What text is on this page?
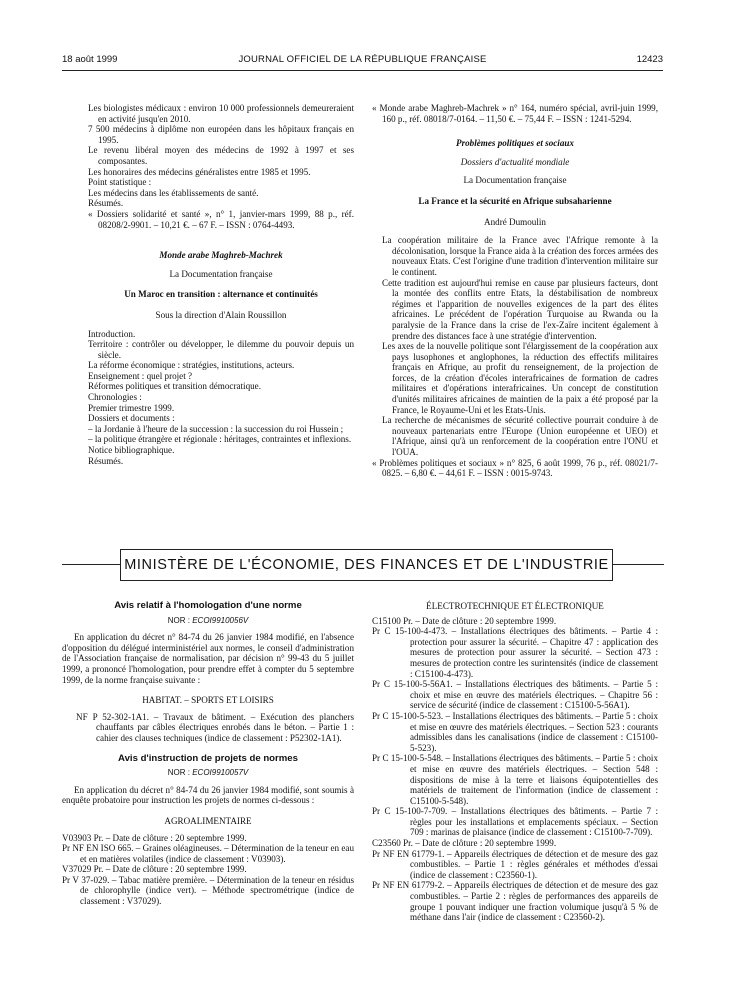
18 août 1999	JOURNAL OFFICIEL DE LA RÉPUBLIQUE FRANÇAISE	12423

Les biologistes médicaux : environ 10 000 professionnels demeureraient en activité jusqu'en 2010.

7 500 médecins à diplôme non européen dans les hôpitaux français en 1995.

Le revenu libéral moyen des médecins de 1992 à 1997 et ses composantes.

Les honoraires des médecins généralistes entre 1985 et 1995.

Point statistique :

Les médecins dans les établissements de santé.

Résumés.

« Dossiers solidarité et santé », n° 1, janvier-mars 1999, 88 p., réf. 08208/2-9901. – 10,21 €. – 67 F. – ISSN : 0764-4493.

Monde arabe Maghreb-Machrek

La Documentation française

Un Maroc en transition : alternance et continuités

Sous la direction d'Alain Roussillon

Introduction.

Territoire : contrôler ou développer, le dilemme du pouvoir depuis un siècle.

La réforme économique : stratégies, institutions, acteurs.

Enseignement : quel projet ?

Réformes politiques et transition démocratique.

Chronologies :

Premier trimestre 1999.

Dossiers et documents :

– la Jordanie à l'heure de la succession : la succession du roi Hussein ;

– la politique étrangère et régionale : héritages, contraintes et inflexions.

Notice bibliographique.

Résumés.

« Monde arabe Maghreb-Machrek » n° 164, numéro spécial, avril-juin 1999, 160 p., réf. 08018/7-0164. – 11,50 €. – 75,44 F. – ISSN : 1241-5294.

Problèmes politiques et sociaux

Dossiers d'actualité mondiale

La Documentation française

La France et la sécurité en Afrique subsaharienne

André Dumoulin

La coopération militaire de la France avec l'Afrique remonte à la décolonisation, lorsque la France aida à la création des forces armées des nouveaux Etats. C'est l'origine d'une tradition d'intervention militaire sur le continent.

Cette tradition est aujourd'hui remise en cause par plusieurs facteurs, dont la montée des conflits entre Etats, la déstabilisation de nombreux régimes et l'apparition de nouvelles exigences de la part des élites africaines. Le précédent de l'opération Turquoise au Rwanda ou la paralysie de la France dans la crise de l'ex-Zaïre incitent également à prendre des distances face à une stratégie d'intervention.

Les axes de la nouvelle politique sont l'élargissement de la coopération aux pays lusophones et anglophones, la réduction des effectifs militaires français en Afrique, au profit du renseignement, de la projection de forces, de la création d'écoles interafricaines de formation de cadres militaires et d'opérations interafricaines. Un concept de constitution d'unités militaires africaines de maintien de la paix a été proposé par la France, le Royaume-Uni et les Etats-Unis.

La recherche de mécanismes de sécurité collective pourrait conduire à de nouveaux partenariats entre l'Europe (Union européenne et UEO) et l'Afrique, ainsi qu'à un renforcement de la coopération entre l'ONU et l'OUA.

« Problèmes politiques et sociaux » n° 825, 6 août 1999, 76 p., réf. 08021/7-0825. – 6,80 €. – 44,61 F. – ISSN : 0015-9743.

MINISTÈRE DE L'ÉCONOMIE, DES FINANCES ET DE L'INDUSTRIE

Avis relatif à l'homologation d'une norme

NOR : ECOI9910056V

En application du décret n° 84-74 du 26 janvier 1984 modifié, en l'absence d'opposition du délégué interministériel aux normes, le conseil d'administration de l'Association française de normalisation, par décision n° 99-43 du 5 juillet 1999, a prononcé l'homologation, pour prendre effet à compter du 5 septembre 1999, de la norme française suivante :

HABITAT. – SPORTS ET LOISIRS

NF P 52-302-1A1. – Travaux de bâtiment. – Exécution des planchers chauffants par câbles électriques enrobés dans le béton. – Partie 1 : cahier des clauses techniques (indice de classement : P52302-1A1).

Avis d'instruction de projets de normes

NOR : ECOI9910057V

En application du décret n° 84-74 du 26 janvier 1984 modifié, sont soumis à enquête probatoire pour instruction les projets de normes ci-dessous :

AGROALIMENTAIRE

V03903 Pr. – Date de clôture : 20 septembre 1999.

Pr NF EN ISO 665. – Graines oléagineuses. – Détermination de la teneur en eau et en matières volatiles (indice de classement : V03903).

V37029 Pr. – Date de clôture : 20 septembre 1999.

Pr V 37-029. – Tabac matière première. – Détermination de la teneur en résidus de chlorophylle (indice vert). – Méthode spectrométrique (indice de classement : V37029).

ÉLECTROTECHNIQUE ET ÉLECTRONIQUE

C15100 Pr. – Date de clôture : 20 septembre 1999.

Pr C 15-100-4-473. – Installations électriques des bâtiments. – Partie 4 : protection pour assurer la sécurité. – Chapitre 47 : application des mesures de protection pour assurer la sécurité. – Section 473 : mesures de protection contre les surintensités (indice de classement : C15100-4-473).

Pr C 15-100-5-56A1. – Installations électriques des bâtiments. – Partie 5 : choix et mise en œuvre des matériels électriques. – Chapitre 56 : service de sécurité (indice de classement : C15100-5-56A1).

Pr C 15-100-5-523. – Installations électriques des bâtiments. – Partie 5 : choix et mise en œuvre des matériels électriques. – Section 523 : courants admissibles dans les canalisations (indice de classement : C15100-5-523).

Pr C 15-100-5-548. – Installations électriques des bâtiments. – Partie 5 : choix et mise en œuvre des matériels électriques. – Section 548 : dispositions de mise à la terre et liaisons équipotentielles des matériels de traitement de l'information (indice de classement : C15100-5-548).

Pr C 15-100-7-709. – Installations électriques des bâtiments. – Partie 7 : règles pour les installations et emplacements spéciaux. – Section 709 : marinas de plaisance (indice de classement : C15100-7-709).

C23560 Pr. – Date de clôture : 20 septembre 1999.

Pr NF EN 61779-1. – Appareils électriques de détection et de mesure des gaz combustibles. – Partie 1 : règles générales et méthodes d'essai (indice de classement : C23560-1).

Pr NF EN 61779-2. – Appareils électriques de détection et de mesure des gaz combustibles. – Partie 2 : règles de performances des appareils de groupe 1 pouvant indiquer une fraction volumique jusqu'à 5 % de méthane dans l'air (indice de classement : C23560-2).
